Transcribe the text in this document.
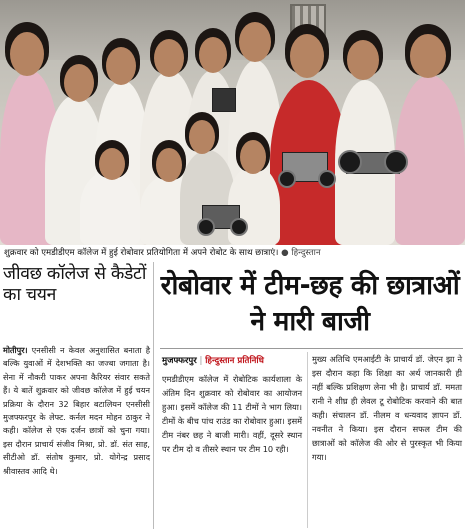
शुक्रवार को एमडीडीएम कॉलेज में हुई रोबोवार प्रतियोगिता में अपने रोबोट के साथ छात्राएं। ● हिन्दुस्तान
जीवछ कॉलेज से कैडेटों का चयन
मोतीपुर। एनसीसी न केवल अनुशासित बनाता है बल्कि युवाओं में देशभक्ति का जज्बा जगाता है। सेना में नौकरी पाकर अपना कैरियर संवार सकते हैं। ये बातें शुक्रवार को जीवछ कॉलेज में हुई चयन प्रक्रिया के दौरान 32 बिहार बटालियन एनसीसी मुजफ्फरपुर के लेफ्ट. कर्नल मदन मोहन ठाकुर ने कही। कॉलेज से एक दर्जन छात्रों को चुना गया। इस दौरान प्राचार्य संजीव मिश्रा, प्रो. डॉ. संत साह, सीटीओ डॉ. संतोष कुमार, प्रो. योगेन्द्र प्रसाद श्रीवास्तव आदि थे।
रोबोवार में टीम-छह की छात्राओं ने मारी बाजी
मुजफ्फरपुर | हिन्दुस्तान प्रतिनिधि
एमडीडीएम कॉलेज में रोबोटिक कार्यशाला के अंतिम दिन शुक्रवार को रोबोवार का आयोजन हुआ। इसमें कॉलेज की 11 टीमों ने भाग लिया। टीमों के बीच पांच राउंड का रोबोवार हुआ। इसमें टीम नंबर छह ने बाजी मारी। वहीं, दूसरे स्थान पर टीम दो व तीसरे स्थान पर टीम 10 रही।
मुख्य अतिथि एमआईटी के प्राचार्य डॉ. जेएन झा ने इस दौरान कहा कि शिक्षा का अर्थ जानकारी ही नहीं बल्कि प्रशिक्षण लेना भी है। प्राचार्य डॉ. ममता रानी ने शीघ्र ही लेवल टू रोबोटिक करवाने की बात कही। संचालन डॉ. नीलम व धन्यवाद ज्ञापन डॉ. नवनीत ने किया। इस दौरान सफल टीम की छात्राओं को कॉलेज की ओर से पुरस्कृत भी किया गया।
